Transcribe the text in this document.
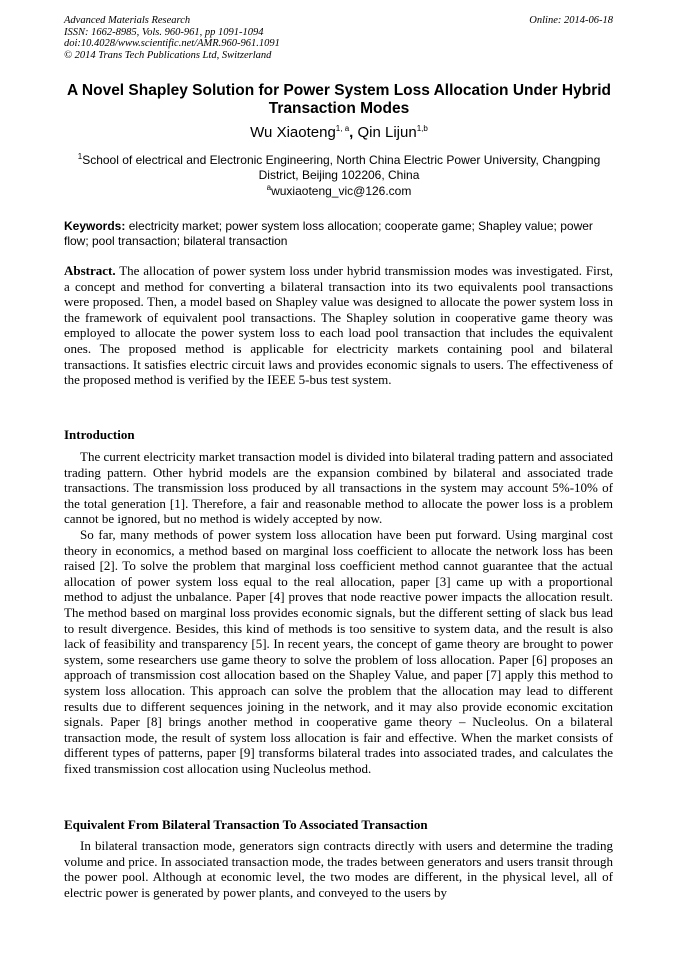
Advanced Materials Research
ISSN: 1662-8985, Vols. 960-961, pp 1091-1094
doi:10.4028/www.scientific.net/AMR.960-961.1091
© 2014 Trans Tech Publications Ltd, Switzerland
Online: 2014-06-18
A Novel Shapley Solution for Power System Loss Allocation Under Hybrid Transaction Modes
Wu Xiaoteng$^{1, a}$, Qin Lijun$^{1,b}$
$^1$School of electrical and Electronic Engineering, North China Electric Power University, Changping District, Beijing 102206, China
$^a$wuxiaoteng_vic@126.com
Keywords: electricity market; power system loss allocation; cooperate game; Shapley value; power flow; pool transaction; bilateral transaction

Abstract. The allocation of power system loss under hybrid transmission modes was investigated. First, a concept and method for converting a bilateral transaction into its two equivalents pool transactions were proposed. Then, a model based on Shapley value was designed to allocate the power system loss in the framework of equivalent pool transactions. The Shapley solution in cooperative game theory was employed to allocate the power system loss to each load pool transaction that includes the equivalent ones. The proposed method is applicable for electricity markets containing pool and bilateral transactions. It satisfies electric circuit laws and provides economic signals to users. The effectiveness of the proposed method is verified by the IEEE 5-bus test system.

Introduction

The current electricity market transaction model is divided into bilateral trading pattern and associated trading pattern. Other hybrid models are the expansion combined by bilateral and associated trade transactions. The transmission loss produced by all transactions in the system may account 5%-10% of the total generation [1]. Therefore, a fair and reasonable method to allocate the power loss is a problem cannot be ignored, but no method is widely accepted by now.

So far, many methods of power system loss allocation have been put forward. Using marginal cost theory in economics, a method based on marginal loss coefficient to allocate the network loss has been raised [2]. To solve the problem that marginal loss coefficient method cannot guarantee that the actual allocation of power system loss equal to the real allocation, paper [3] came up with a proportional method to adjust the unbalance. Paper [4] proves that node reactive power impacts the allocation result. The method based on marginal loss provides economic signals, but the different setting of slack bus lead to result divergence. Besides, this kind of methods is too sensitive to system data, and the result is also lack of feasibility and transparency [5]. In recent years, the concept of game theory are brought to power system, some researchers use game theory to solve the problem of loss allocation. Paper [6] proposes an approach of transmission cost allocation based on the Shapley Value, and paper [7] apply this method to system loss allocation. This approach can solve the problem that the allocation may lead to different results due to different sequences joining in the network, and it may also provide economic excitation signals. Paper [8] brings another method in cooperative game theory – Nucleolus. On a bilateral transaction mode, the result of system loss allocation is fair and effective. When the market consists of different types of patterns, paper [9] transforms bilateral trades into associated trades, and calculates the fixed transmission cost allocation using Nucleolus method.

Equivalent From Bilateral Transaction To Associated Transaction

In bilateral transaction mode, generators sign contracts directly with users and determine the trading volume and price. In associated transaction mode, the trades between generators and users transit through the power pool. Although at economic level, the two modes are different, in the physical level, all of electric power is generated by power plants, and conveyed to the users by
